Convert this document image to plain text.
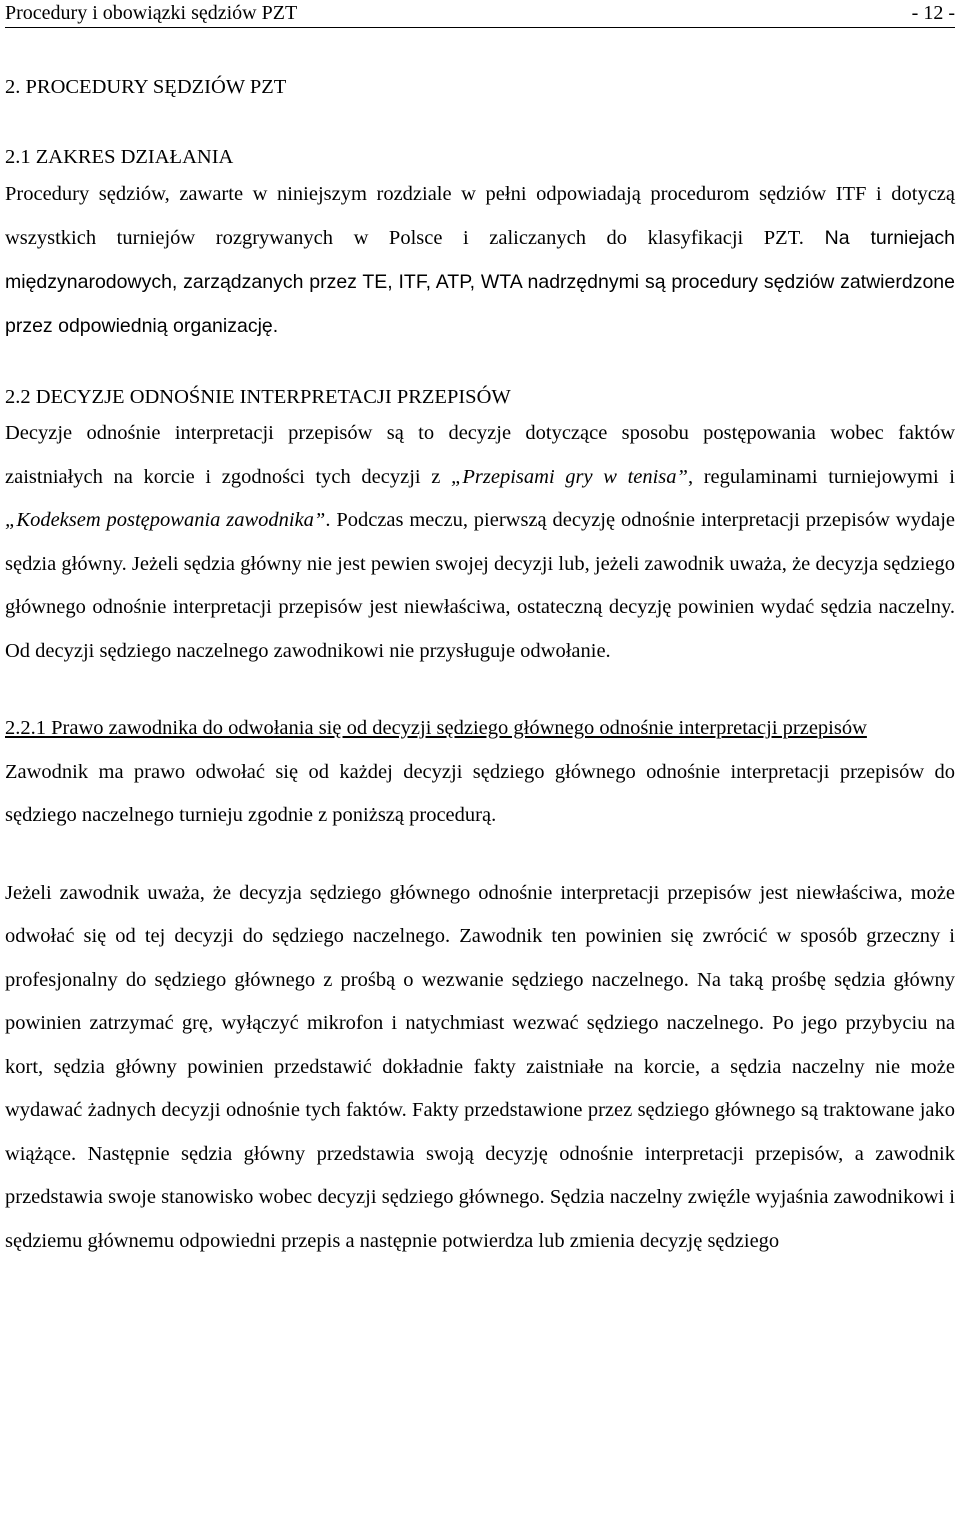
Procedury i obowiązki sędziów PZT	- 12 -
2. PROCEDURY SĘDZIÓW PZT
2.1 ZAKRES DZIAŁANIA

Procedury sędziów, zawarte w niniejszym rozdziale w pełni odpowiadają procedurom sędziów ITF i dotyczą wszystkich turniejów rozgrywanych w Polsce i zaliczanych do klasyfikacji PZT. Na turniejach międzynarodowych, zarządzanych przez TE, ITF, ATP, WTA nadrzędnymi są procedury sędziów zatwierdzone przez odpowiednią organizację.

2.2 DECYZJE ODNOŚNIE INTERPRETACJI PRZEPISÓW

Decyzje odnośnie interpretacji przepisów są to decyzje dotyczące sposobu postępowania wobec faktów zaistniałych na korcie i zgodności tych decyzji z „Przepisami gry w tenisa”, regulaminami turniejowymi i „Kodeksem postępowania zawodnika”. Podczas meczu, pierwszą decyzję odnośnie interpretacji przepisów wydaje sędzia główny. Jeżeli sędzia główny nie jest pewien swojej decyzji lub, jeżeli zawodnik uważa, że decyzja sędziego głównego odnośnie interpretacji przepisów jest niewłaściwa, ostateczną decyzję powinien wydać sędzia naczelny. Od decyzji sędziego naczelnego zawodnikowi nie przysługuje odwołanie.

2.2.1 Prawo zawodnika do odwołania się od decyzji sędziego głównego odnośnie interpretacji przepisów

Zawodnik ma prawo odwołać się od każdej decyzji sędziego głównego odnośnie interpretacji przepisów do sędziego naczelnego turnieju zgodnie z poniższą procedurą.

Jeżeli zawodnik uważa, że decyzja sędziego głównego odnośnie interpretacji przepisów jest niewłaściwa, może odwołać się od tej decyzji do sędziego naczelnego. Zawodnik ten powinien się zwrócić w sposób grzeczny i profesjonalny do sędziego głównego z prośbą o wezwanie sędziego naczelnego. Na taką prośbę sędzia główny powinien zatrzymać grę, wyłączyć mikrofon i natychmiast wezwać sędziego naczelnego. Po jego przybyciu na kort, sędzia główny powinien przedstawić dokładnie fakty zaistniałe na korcie, a sędzia naczelny nie może wydawać żadnych decyzji odnośnie tych faktów. Fakty przedstawione przez sędziego głównego są traktowane jako wiążące. Następnie sędzia główny przedstawia swoją decyzję odnośnie interpretacji przepisów, a zawodnik przedstawia swoje stanowisko wobec decyzji sędziego głównego. Sędzia naczelny zwięźle wyjaśnia zawodnikowi i sędziemu głównemu odpowiedni przepis a następnie potwierdza lub zmienia decyzję sędziego
